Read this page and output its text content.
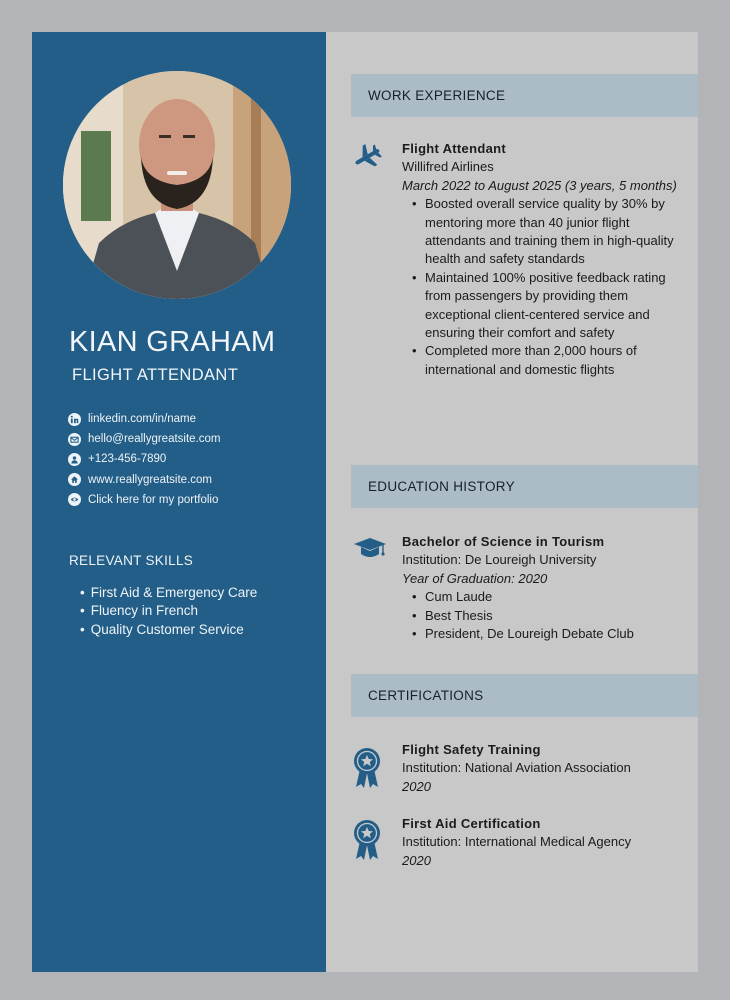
KIAN GRAHAM
FLIGHT ATTENDANT
linkedin.com/in/name
hello@reallygreatsite.com
+123-456-7890
www.reallygreatsite.com
Click here for my portfolio
RELEVANT SKILLS
• First Aid & Emergency Care
• Fluency in French
• Quality Customer Service
WORK EXPERIENCE
Flight Attendant
Willifred Airlines
March 2022 to August 2025 (3 years, 5 months)
• Boosted overall service quality by 30% by mentoring more than 40 junior flight attendants and training them in high-quality health and safety standards
• Maintained 100% positive feedback rating from passengers by providing them exceptional client-centered service and ensuring their comfort and safety
• Completed more than 2,000 hours of international and domestic flights
EDUCATION HISTORY
Bachelor of Science in Tourism
Institution: De Loureigh University
Year of Graduation: 2020
• Cum Laude
• Best Thesis
• President, De Loureigh Debate Club
CERTIFICATIONS
Flight Safety Training
Institution: National Aviation Association
2020
First Aid Certification
Institution: International Medical Agency
2020
